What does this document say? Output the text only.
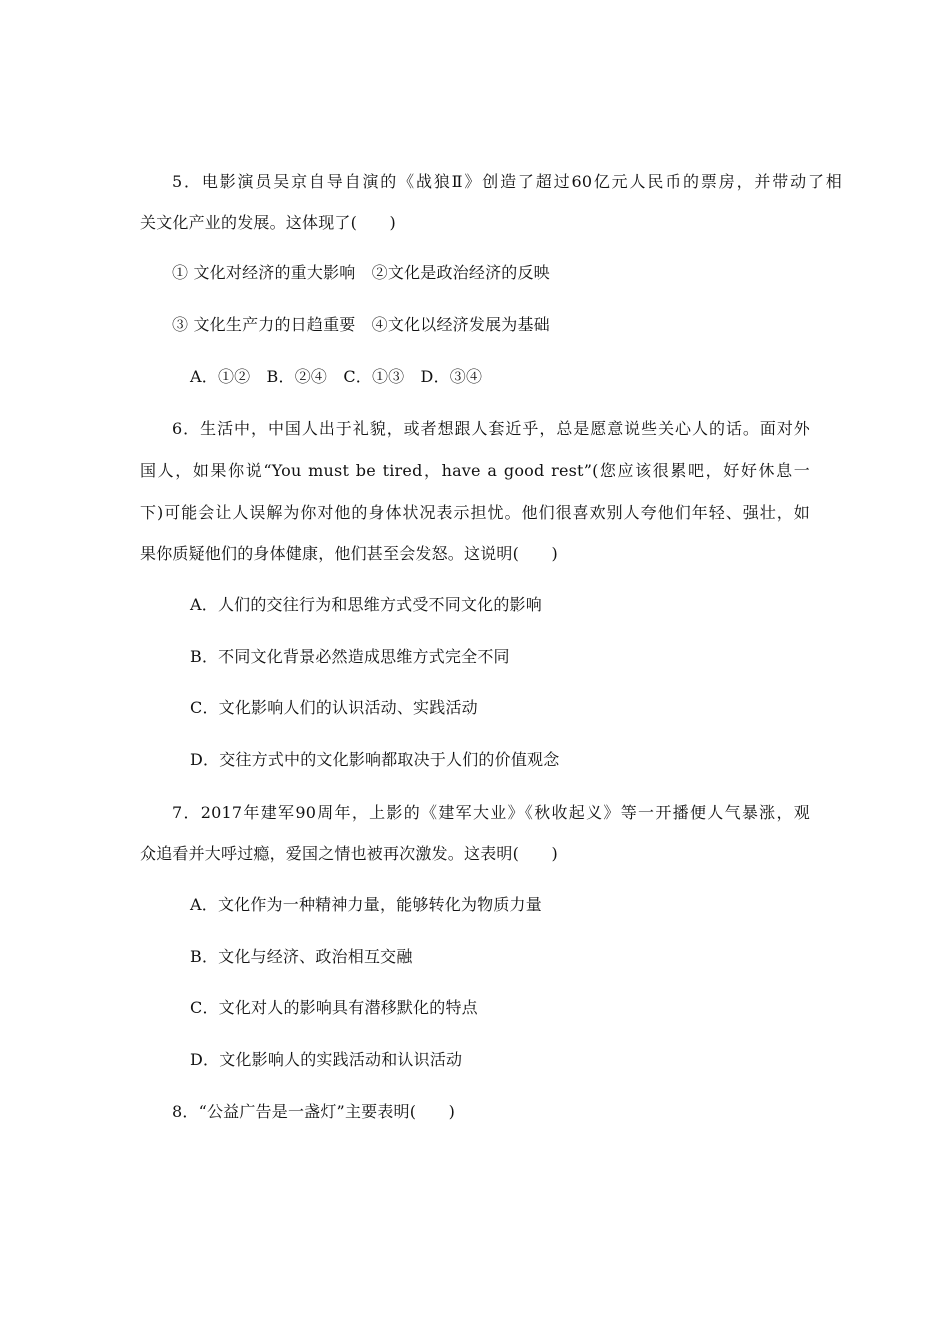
5．电影演员吴京自导自演的《战狼Ⅱ》创造了超过60亿元人民币的票房，并带动了相
关文化产业的发展。这体现了(　　)
① 文化对经济的重大影响　②文化是政治经济的反映
③ 文化生产力的日趋重要　④文化以经济发展为基础
A．①②　B．②④　C．①③　D．③④
6．生活中，中国人出于礼貌，或者想跟人套近乎，总是愿意说些关心人的话。面对外
国人，如果你说“You must be tired，have a good rest”(您应该很累吧，好好休息一
下)可能会让人误解为你对他的身体状况表示担忧。他们很喜欢别人夸他们年轻、强壮，如
果你质疑他们的身体健康，他们甚至会发怒。这说明(　　)
A．人们的交往行为和思维方式受不同文化的影响
B．不同文化背景必然造成思维方式完全不同
C．文化影响人们的认识活动、实践活动
D．交往方式中的文化影响都取决于人们的价值观念
7．2017年建军90周年，上影的《建军大业》《秋收起义》等一开播便人气暴涨，观
众追看并大呼过瘾，爱国之情也被再次激发。这表明(　　)
A．文化作为一种精神力量，能够转化为物质力量
B．文化与经济、政治相互交融
C．文化对人的影响具有潜移默化的特点
D．文化影响人的实践活动和认识活动
8．“公益广告是一盏灯”主要表明(　　)
